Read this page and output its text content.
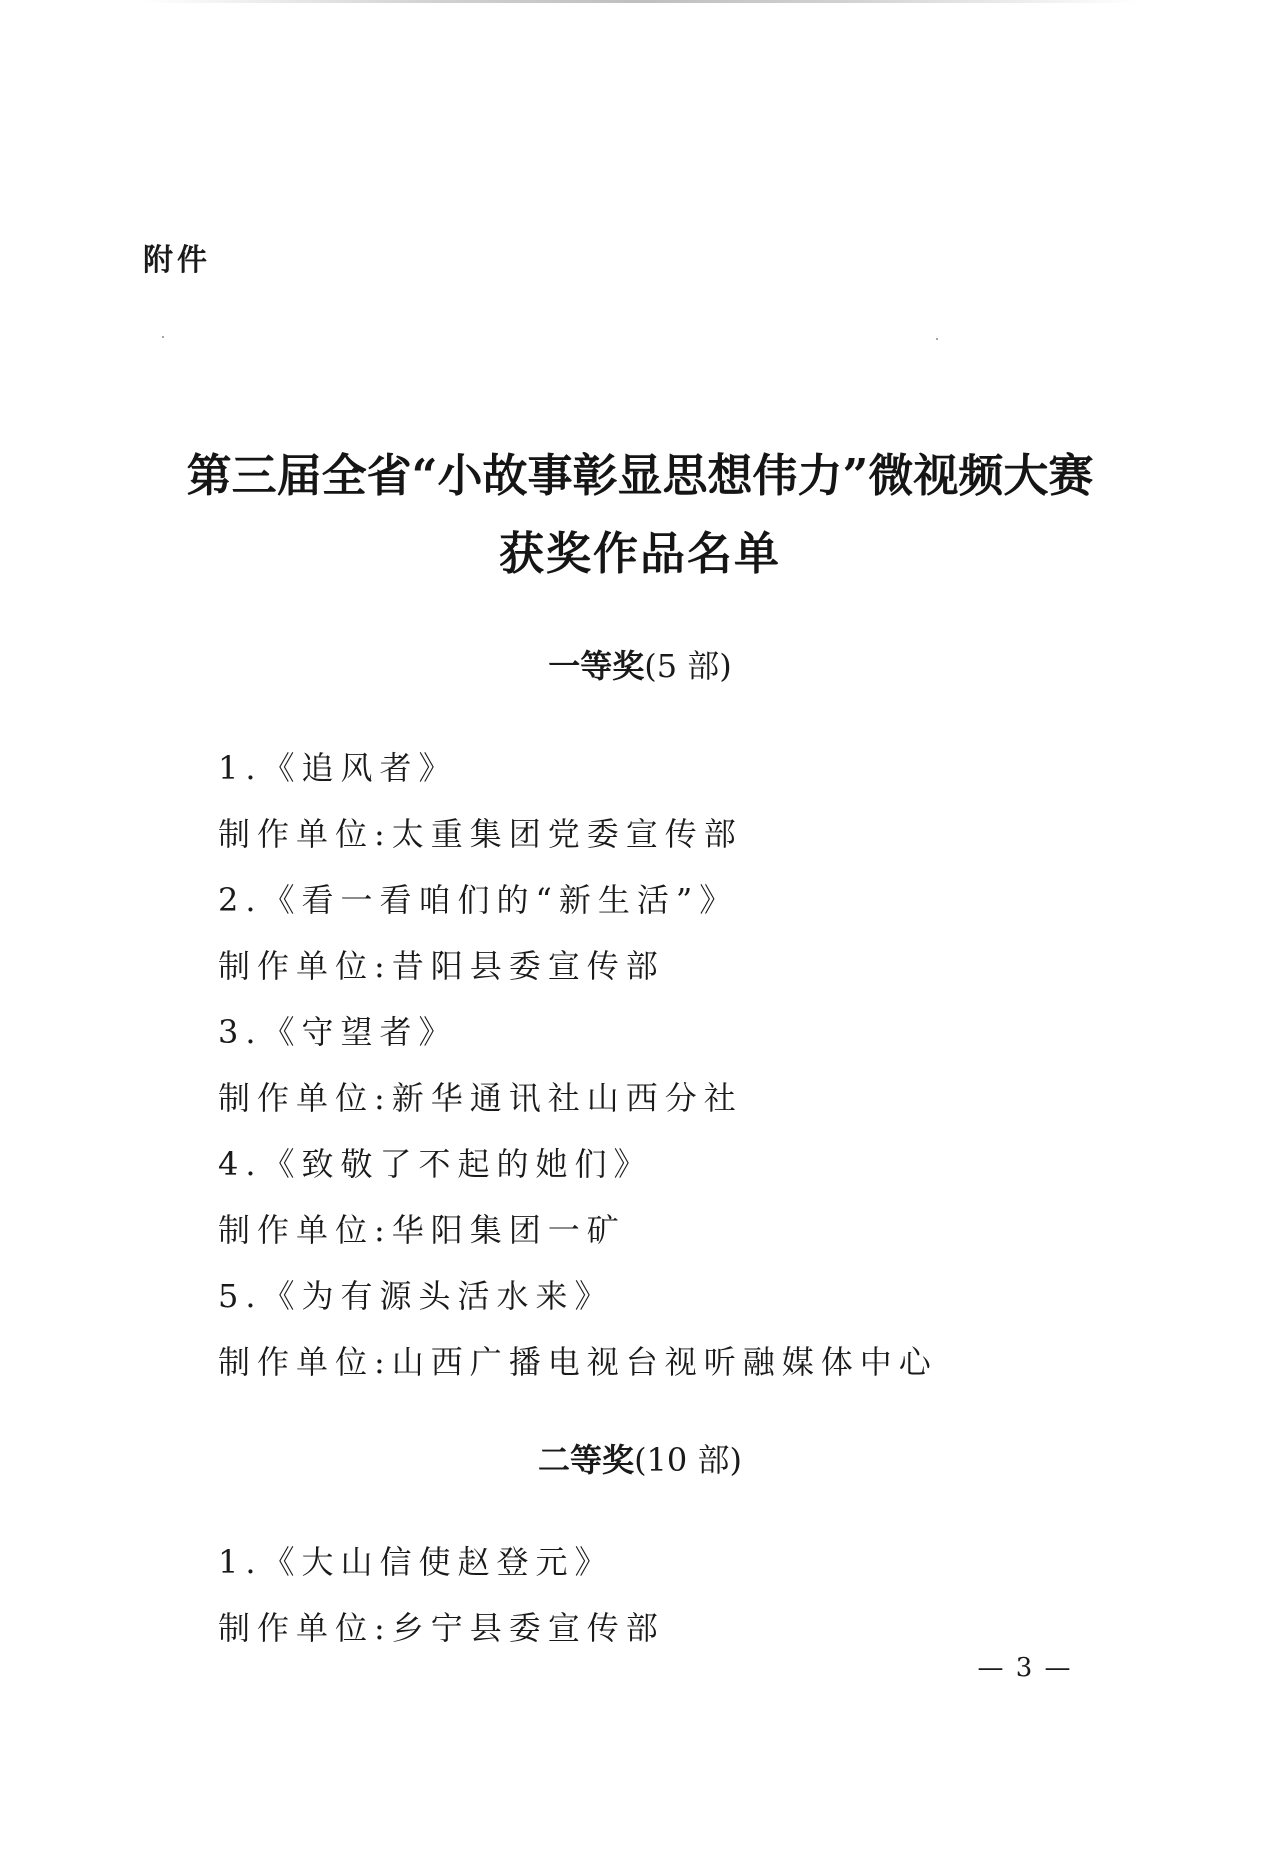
附件
第三届全省“小故事彰显思想伟力”微视频大赛
获奖作品名单
一等奖(5 部)
1.《追风者》
制作单位:太重集团党委宣传部
2.《看一看咱们的“新生活”》
制作单位:昔阳县委宣传部
3.《守望者》
制作单位:新华通讯社山西分社
4.《致敬了不起的她们》
制作单位:华阳集团一矿
5.《为有源头活水来》
制作单位:山西广播电视台视听融媒体中心
二等奖(10 部)
1.《大山信使赵登元》
制作单位:乡宁县委宣传部
— 3 —
